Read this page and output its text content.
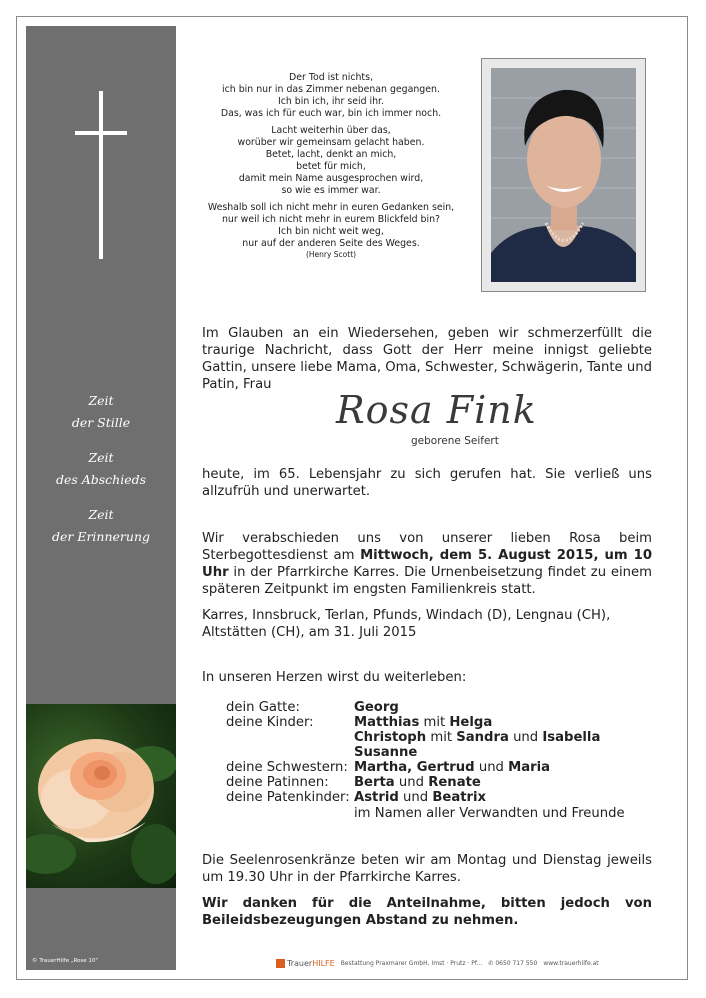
Zeit
der Stille
Zeit
des Abschieds
Zeit
der Erinnerung
© TrauerHilfe „Rose 10"

Der Tod ist nichts,
ich bin nur in das Zimmer nebenan gegangen.
Ich bin ich, ihr seid ihr.
Das, was ich für euch war, bin ich immer noch.

Lacht weiterhin über das,
worüber wir gemeinsam gelacht haben.
Betet, lacht, denkt an mich,
betet für mich,
damit mein Name ausgesprochen wird,
so wie es immer war.

Weshalb soll ich nicht mehr in euren Gedanken sein,
nur weil ich nicht mehr in eurem Blickfeld bin?
Ich bin nicht weit weg,
nur auf der anderen Seite des Weges.
(Henry Scott)

Im Glauben an ein Wiedersehen, geben wir schmerzerfüllt die traurige Nachricht, dass Gott der Herr meine innigst geliebte Gattin, unsere liebe Mama, Oma, Schwester, Schwägerin, Tante und Patin, Frau
Rosa Fink
geborene Seifert
heute, im 65. Lebensjahr zu sich gerufen hat. Sie verließ uns allzufrüh und unerwartet.
Wir verabschieden uns von unserer lieben Rosa beim Sterbegottesdienst am Mittwoch, dem 5. August 2015, um 10 Uhr in der Pfarrkirche Karres. Die Urnenbeisetzung findet zu einem späteren Zeitpunkt im engsten Familienkreis statt.
Karres, Innsbruck, Terlan, Pfunds, Windach (D), Lengnau (CH), Altstätten (CH), am 31. Juli 2015
In unseren Herzen wirst du weiterleben:
dein Gatte:	Georg
deine Kinder:	Matthias mit Helga
Christoph mit Sandra und Isabella
Susanne
deine Schwestern: Martha, Gertrud und Maria
deine Patinnen: Berta und Renate
deine Patenkinder: Astrid und Beatrix
im Namen aller Verwandten und Freunde
Die Seelenrosenkränze beten wir am Montag und Dienstag jeweils um 19.30 Uhr in der Pfarrkirche Karres.
Wir danken für die Anteilnahme, bitten jedoch von Beileidsbezeugungen Abstand zu nehmen.
TrauerHILFE Bestattung Praxmarer GmbH, Imst · Prutz · Pf... ✆ 0650 717 550 www.trauerhilfe.at
